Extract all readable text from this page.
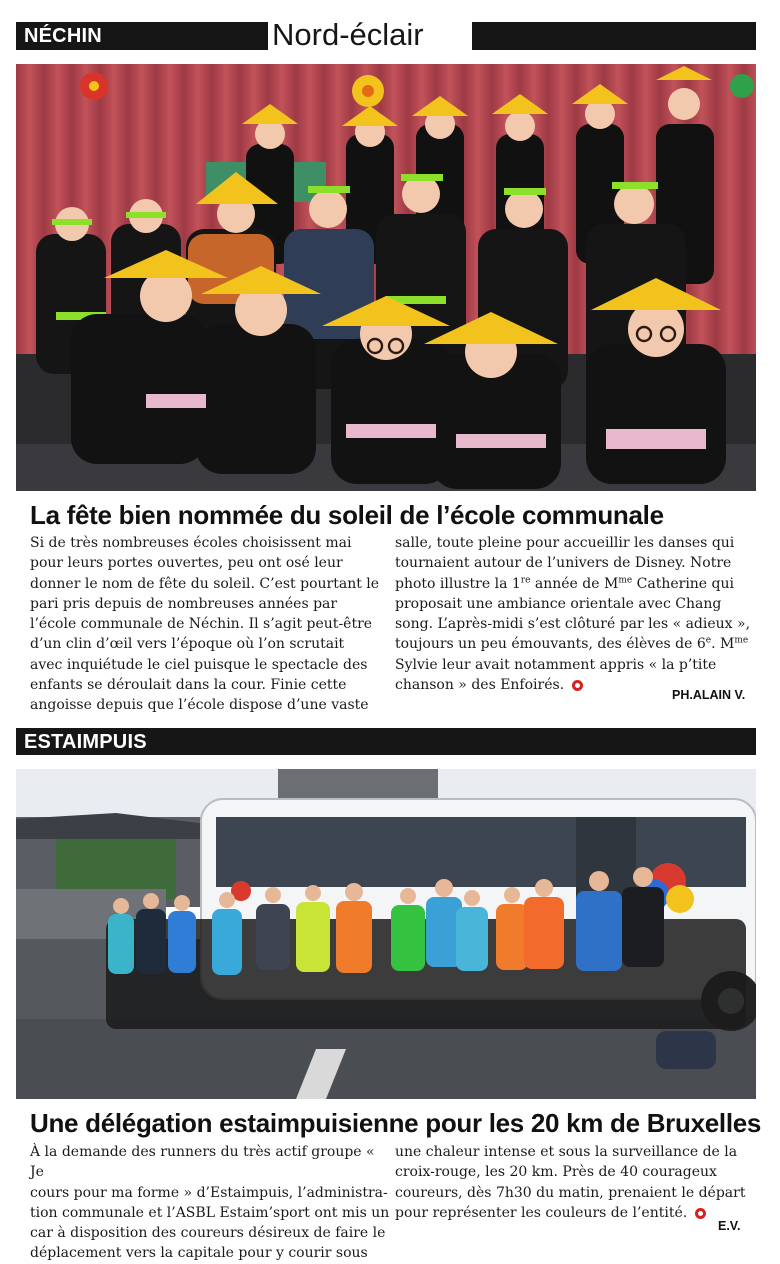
NÉCHIN	Nord-éclair
La fête bien nommée du soleil de l’école communale
Si de très nombreuses écoles choisissent mai
pour leurs portes ouvertes, peu ont osé leur
donner le nom de fête du soleil. C’est pourtant le
pari pris depuis de nombreuses années par
l’école communale de Néchin. Il s’agit peut-être
d’un clin d’œil vers l’époque où l’on scrutait
avec inquiétude le ciel puisque le spectacle des
enfants se déroulait dans la cour. Finie cette
angoisse depuis que l’école dispose d’une vaste
salle, toute pleine pour accueillir les danses qui
tournaient autour de l’univers de Disney. Notre
photo illustre la 1re année de $M^{me}$ Catherine qui
proposait une ambiance orientale avec Chang
song. L’après-midi s’est clôturé par les « adieux »,
toujours un peu émouvants, des élèves de 6e. $M^{me}$
Sylvie leur avait notamment appris « la p’tite
chanson » des Enfoirés.
PH.ALAIN V.
ESTAIMPUIS
Une délégation estaimpuisienne pour les 20 km de Bruxelles
À la demande des runners du très actif groupe « Je
cours pour ma forme » d’Estaimpuis, l’administra-
tion communale et l’ASBL Estaim’sport ont mis un
car à disposition des coureurs désireux de faire le
déplacement vers la capitale pour y courir sous
une chaleur intense et sous la surveillance de la
croix-rouge, les 20 km. Près de 40 courageux
coureurs, dès 7h30 du matin, prenaient le départ
pour représenter les couleurs de l’entité.
E.V.
